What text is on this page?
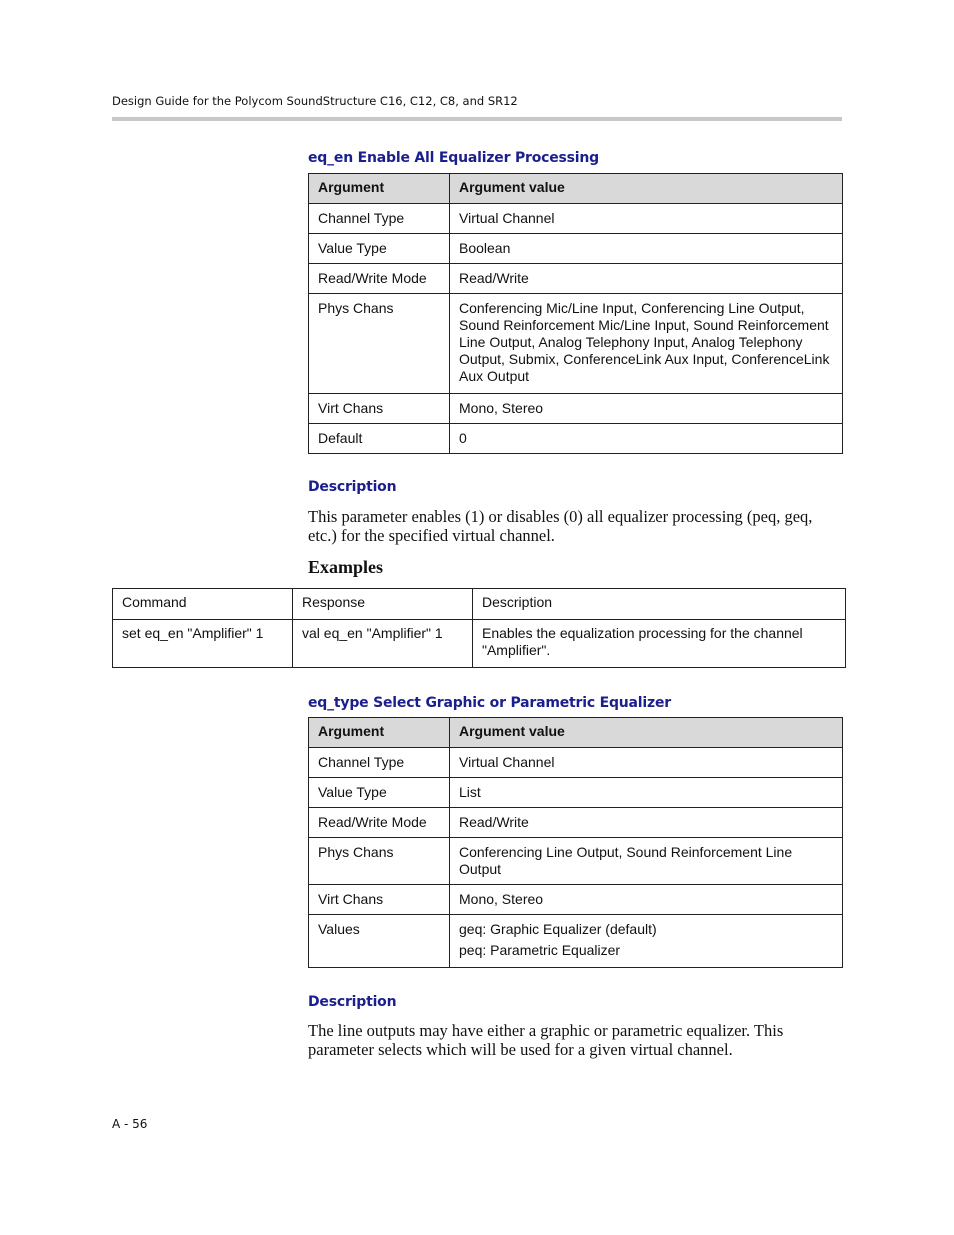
Design Guide for the Polycom SoundStructure C16, C12, C8, and SR12
eq_en Enable All Equalizer Processing
Argument	Argument value
Channel Type	Virtual Channel
Value Type	Boolean
Read/Write Mode	Read/Write
Phys Chans	Conferencing Mic/Line Input, Conferencing Line Output, Sound Reinforcement Mic/Line Input, Sound Reinforcement Line Output, Analog Telephony Input, Analog Telephony Output, Submix, ConferenceLink Aux Input, ConferenceLink Aux Output
Virt Chans	Mono, Stereo
Default	0
Description
This parameter enables (1) or disables (0) all equalizer processing (peq, geq, etc.) for the specified virtual channel.
Examples
Command	Response	Description
set eq_en "Amplifier" 1	val eq_en "Amplifier" 1	Enables the equalization processing for the channel "Amplifier".
eq_type Select Graphic or Parametric Equalizer
Argument	Argument value
Channel Type	Virtual Channel
Value Type	List
Read/Write Mode	Read/Write
Phys Chans	Conferencing Line Output, Sound Reinforcement Line Output
Virt Chans	Mono, Stereo
Values	geq: Graphic Equalizer (default)
peq: Parametric Equalizer
Description
The line outputs may have either a graphic or parametric equalizer. This parameter selects which will be used for a given virtual channel.
A - 56
